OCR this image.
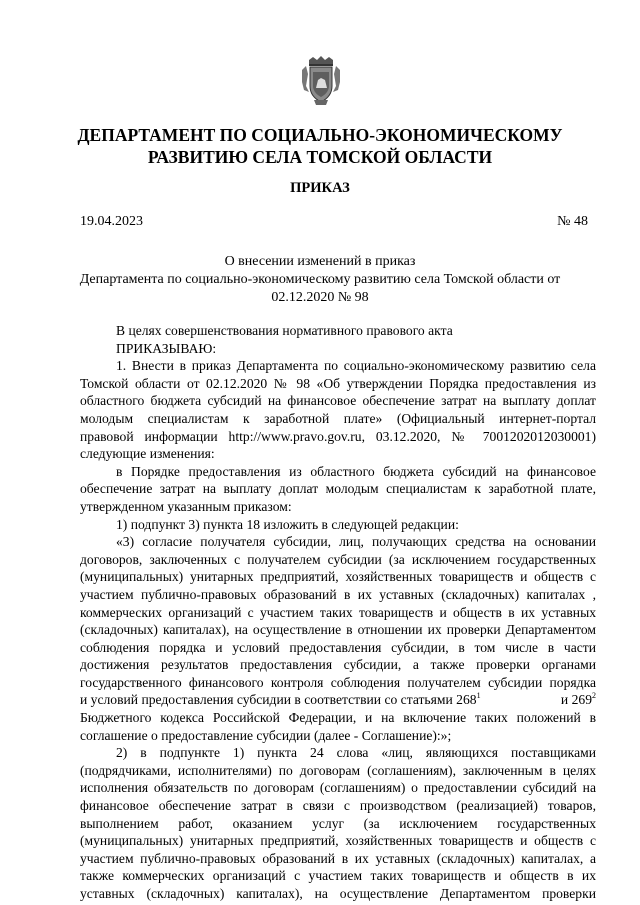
ДЕПАРТАМЕНТ ПО СОЦИАЛЬНО-ЭКОНОМИЧЕСКОМУ
РАЗВИТИЮ СЕЛА ТОМСКОЙ ОБЛАСТИ
ПРИКАЗ
19.04.2023	№ 48
О внесении изменений в приказ
Департамента по социально-экономическому развитию села Томской области от
02.12.2020 № 98
В целях совершенствования нормативного правового акта
ПРИКАЗЫВАЮ:
1. Внести в приказ Департамента по социально-экономическому развитию села
Томской области от 02.12.2020 № 98 «Об утверждении Порядка предоставления из
областного бюджета субсидий на финансовое обеспечение затрат на выплату доплат
молодым специалистам к заработной плате» (Официальный интернет-портал
правовой информации http://www.pravo.gov.ru, 03.12.2020, № 7001202012030001)
следующие изменения:
в Порядке предоставления из областного бюджета субсидий на финансовое
обеспечение затрат на выплату доплат молодым специалистам к заработной плате,
утвержденном указанным приказом:
1) подпункт 3) пункта 18 изложить в следующей редакции:
«3) согласие получателя субсидии, лиц, получающих средства на основании
договоров, заключенных с получателем субсидии (за исключением государственных
(муниципальных) унитарных предприятий, хозяйственных товариществ и обществ с
участием публично-правовых образований в их уставных (складочных) капиталах ,
коммерческих организаций с участием таких товариществ и обществ в их уставных
(складочных) капиталах), на осуществление в отношении их проверки Департаментом
соблюдения порядка и условий предоставления субсидии, в том числе в части
достижения результатов предоставления субсидии, а также проверки органами
государственного финансового контроля соблюдения получателем субсидии порядка
и условий предоставления субсидии в соответствии со статьями $268^1$	и $269^2$
Бюджетного кодекса Российской Федерации, и на включение таких положений в
соглашение о предоставление субсидии (далее - Соглашение):»;
2) в подпункте 1) пункта 24 слова «лиц, являющихся поставщиками
(подрядчиками, исполнителями) по договорам (соглашениям), заключенным в целях
исполнения обязательств по договорам (соглашениям) о предоставлении субсидий на
финансовое обеспечение затрат в связи с производством (реализацией) товаров,
выполнением работ, оказанием услуг (за исключением государственных
(муниципальных) унитарных предприятий, хозяйственных товариществ и обществ с
участием публично-правовых образований в их уставных (складочных) капиталах, а
также коммерческих организаций с участием таких товариществ и обществ в их
уставных (складочных) капиталах), на осуществление Департаментом проверки
